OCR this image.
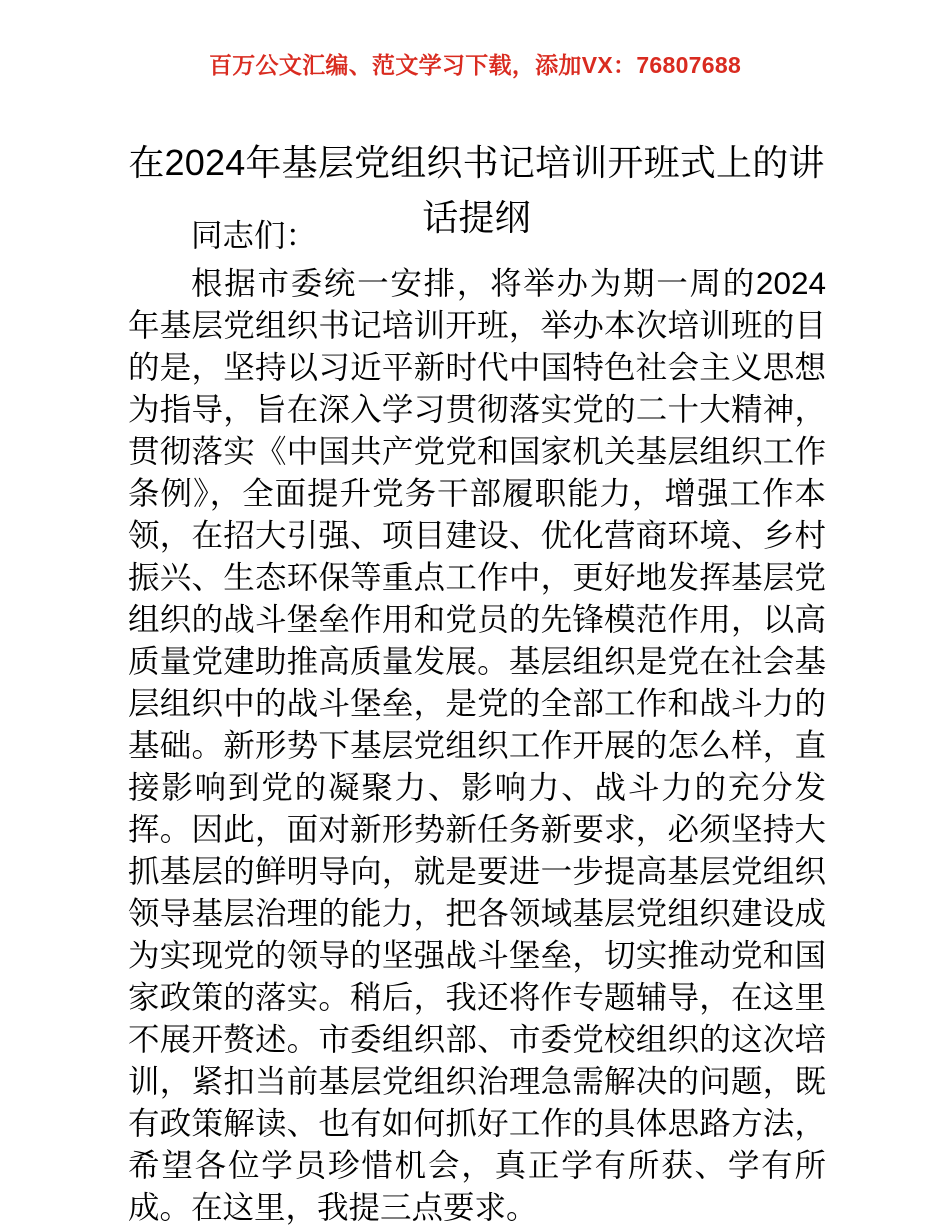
百万公文汇编、范文学习下载，添加VX：76807688
在2024年基层党组织书记培训开班式上的讲话提纲

同志们：

根据市委统一安排，将举办为期一周的2024年基层党组织书记培训开班，举办本次培训班的目的是，坚持以习近平新时代中国特色社会主义思想为指导，旨在深入学习贯彻落实党的二十大精神，贯彻落实《中国共产党党和国家机关基层组织工作条例》，全面提升党务干部履职能力，增强工作本领，在招大引强、项目建设、优化营商环境、乡村振兴、生态环保等重点工作中，更好地发挥基层党组织的战斗堡垒作用和党员的先锋模范作用，以高质量党建助推高质量发展。基层组织是党在社会基层组织中的战斗堡垒，是党的全部工作和战斗力的基础。新形势下基层党组织工作开展的怎么样，直接影响到党的凝聚力、影响力、战斗力的充分发挥。因此，面对新形势新任务新要求，必须坚持大抓基层的鲜明导向，就是要进一步提高基层党组织领导基层治理的能力，把各领域基层党组织建设成为实现党的领导的坚强战斗堡垒，切实推动党和国家政策的落实。稍后，我还将作专题辅导，在这里不展开赘述。市委组织部、市委党校组织的这次培训，紧扣当前基层党组织治理急需解决的问题，既有政策解读、也有如何抓好工作的具体思路方法，希望各位学员珍惜机会，真正学有所获、学有所成。在这里，我提三点要求。
